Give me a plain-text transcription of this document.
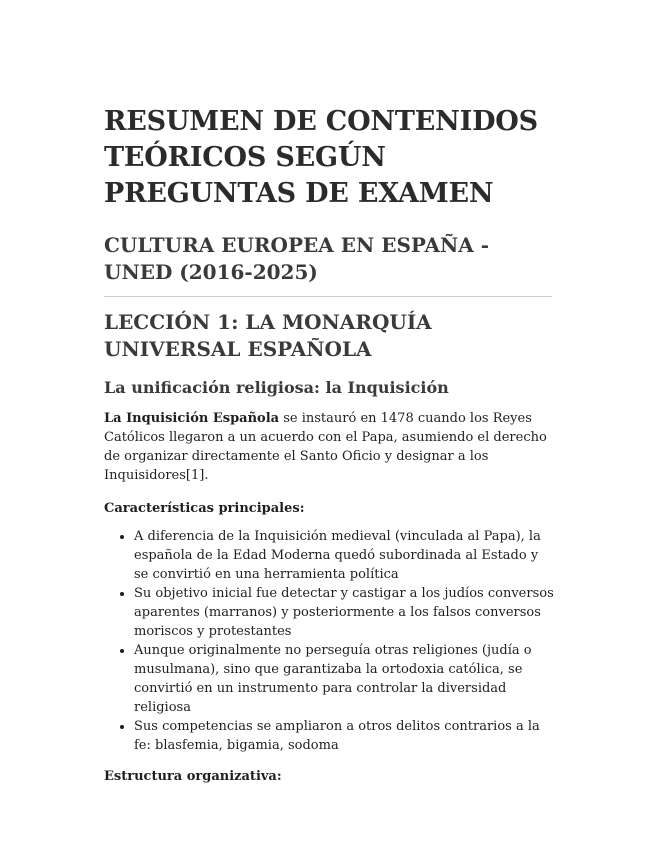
RESUMEN DE CONTENIDOS TEÓRICOS SEGÚN PREGUNTAS DE EXAMEN
CULTURA EUROPEA EN ESPAÑA - UNED (2016-2025)
LECCIÓN 1: LA MONARQUÍA UNIVERSAL ESPAÑOLA
La unificación religiosa: la Inquisición

La Inquisición Española se instauró en 1478 cuando los Reyes Católicos llegaron a un acuerdo con el Papa, asumiendo el derecho de organizar directamente el Santo Oficio y designar a los Inquisidores[1].

Características principales:

• A diferencia de la Inquisición medieval (vinculada al Papa), la española de la Edad Moderna quedó subordinada al Estado y se convirtió en una herramienta política
• Su objetivo inicial fue detectar y castigar a los judíos conversos aparentes (marranos) y posteriormente a los falsos conversos moriscos y protestantes
• Aunque originalmente no perseguía otras religiones (judía o musulmana), sino que garantizaba la ortodoxia católica, se convirtió en un instrumento para controlar la diversidad religiosa
• Sus competencias se ampliaron a otros delitos contrarios a la fe: blasfemia, bigamia, sodoma

Estructura organizativa:
